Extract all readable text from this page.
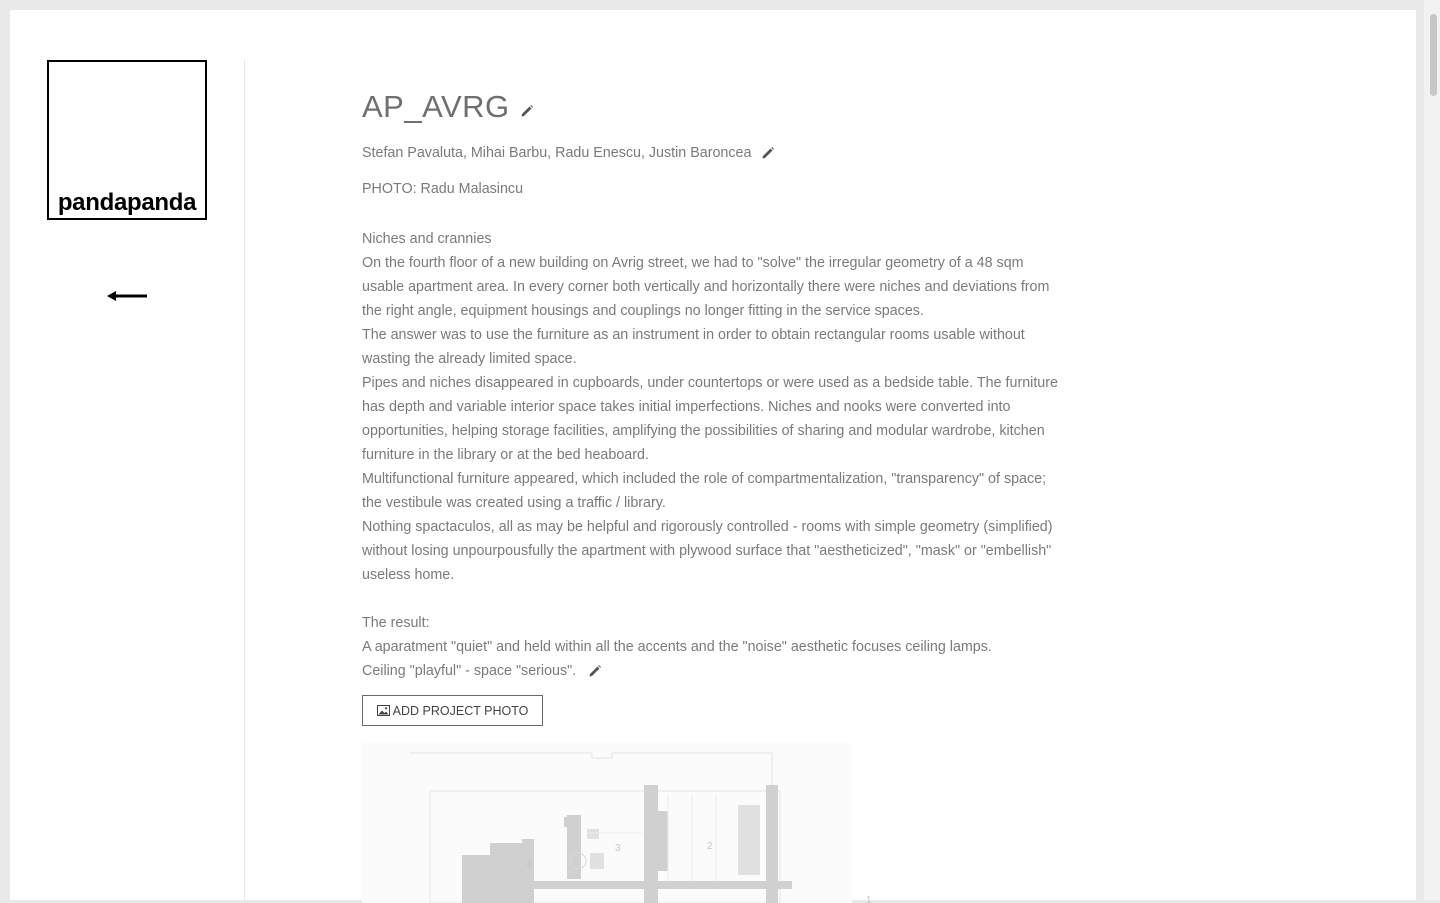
pandapanda
AP_AVRG
Stefan Pavaluta, Mihai Barbu, Radu Enescu, Justin Baroncea
PHOTO: Radu Malasincu

Niches and crannies

On the fourth floor of a new building on Avrig street, we had to "solve" the irregular geometry of a 48 sqm usable apartment area. In every corner both vertically and horizontally there were niches and deviations from the right angle, equipment housings and couplings no longer fitting in the service spaces.

The answer was to use the furniture as an instrument in order to obtain rectangular rooms usable without wasting the already limited space.

Pipes and niches disappeared in cupboards, under countertops or were used as a bedside table. The furniture has depth and variable interior space takes initial imperfections. Niches and nooks were converted into opportunities, helping storage facilities, amplifying the possibilities of sharing and modular wardrobe, kitchen furniture in the library or at the bed heaboard.

Multifunctional furniture appeared, which included the role of compartmentalization, "transparency" of space; the vestibule was created using a traffic / library.

Nothing spactaculos, all as may be helpful and rigorously controlled - rooms with simple geometry (simplified) without losing unpourpousfully the apartment with plywood surface that "aestheticized", "mask" or "embellish" useless home.

The result:

A aparatment "quiet" and held within all the accents and the "noise" aesthetic focuses ceiling lamps.

Ceiling "playful" - space "serious".
ADD PROJECT PHOTO
2
3
4
1
